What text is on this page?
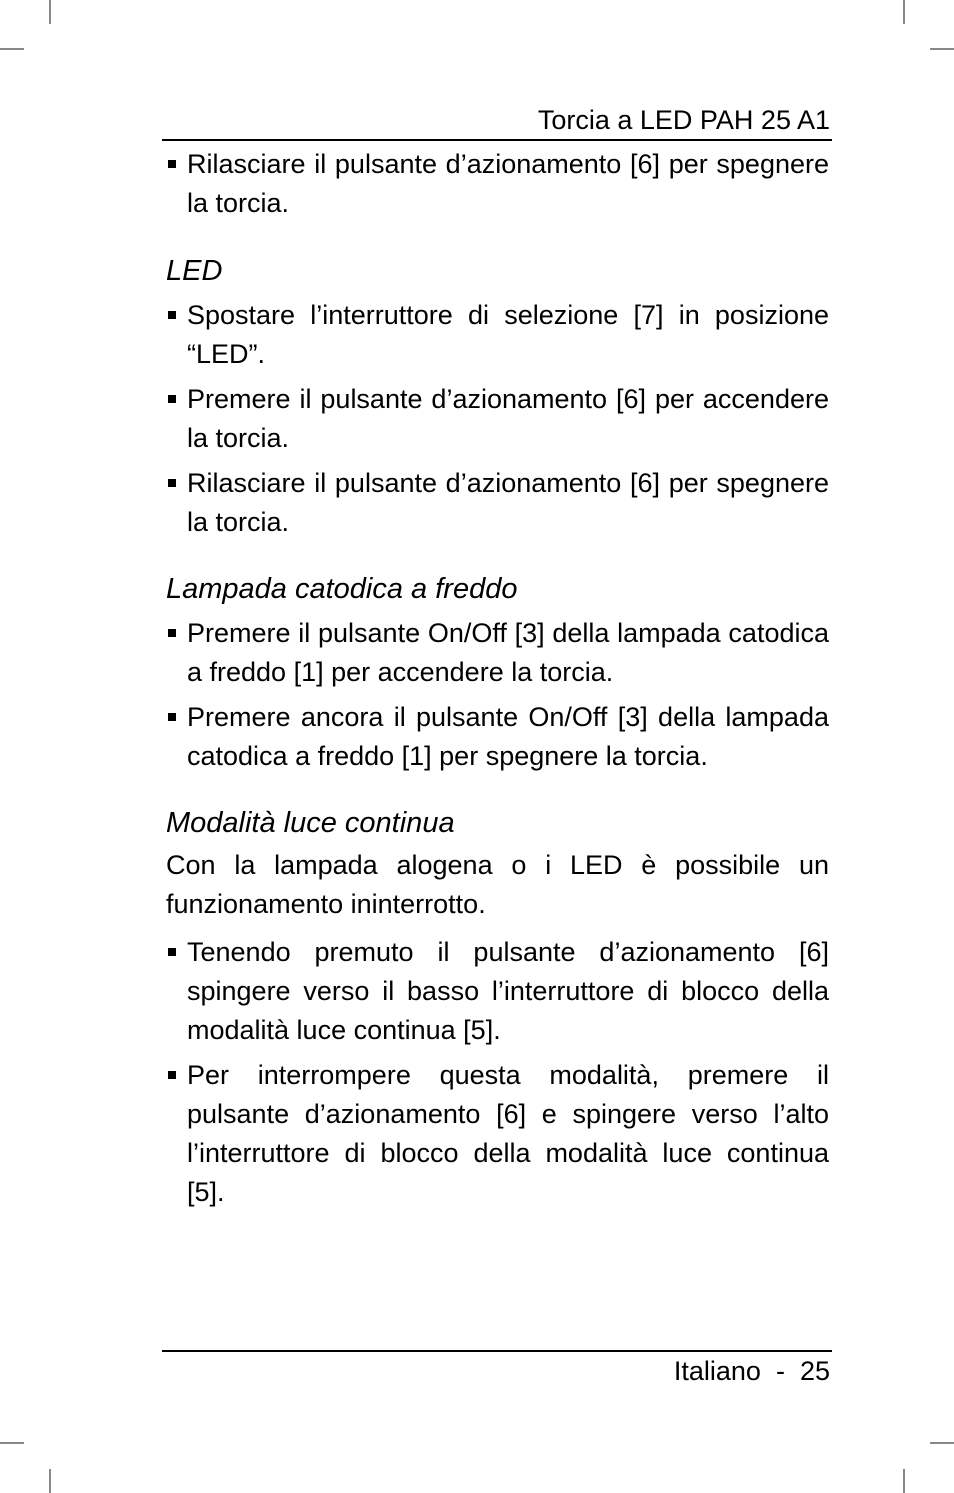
Torcia a LED PAH 25 A1
Rilasciare il pulsante d’azionamento [6] per spegnere la torcia.
LED
Spostare l’interruttore di selezione [7] in posizione “LED”.
Premere il pulsante d’azionamento [6] per accendere la torcia.
Rilasciare il pulsante d’azionamento [6] per spegnere la torcia.
Lampada catodica a freddo
Premere il pulsante On/Off [3] della lampada catodica a freddo [1] per accendere la torcia.
Premere ancora il pulsante On/Off [3] della lampada catodica a freddo [1] per spegnere la torcia.
Modalità luce continua
Con la lampada alogena o i LED è possibile un funzionamento ininterrotto.
Tenendo premuto il pulsante d’azionamento [6] spingere verso il basso l’interruttore di blocco della modalità luce continua [5].
Per interrompere questa modalità, premere il pulsante d’azionamento [6] e spingere verso l’alto l’interruttore di blocco della modalità luce continua [5].
Italiano - 25
